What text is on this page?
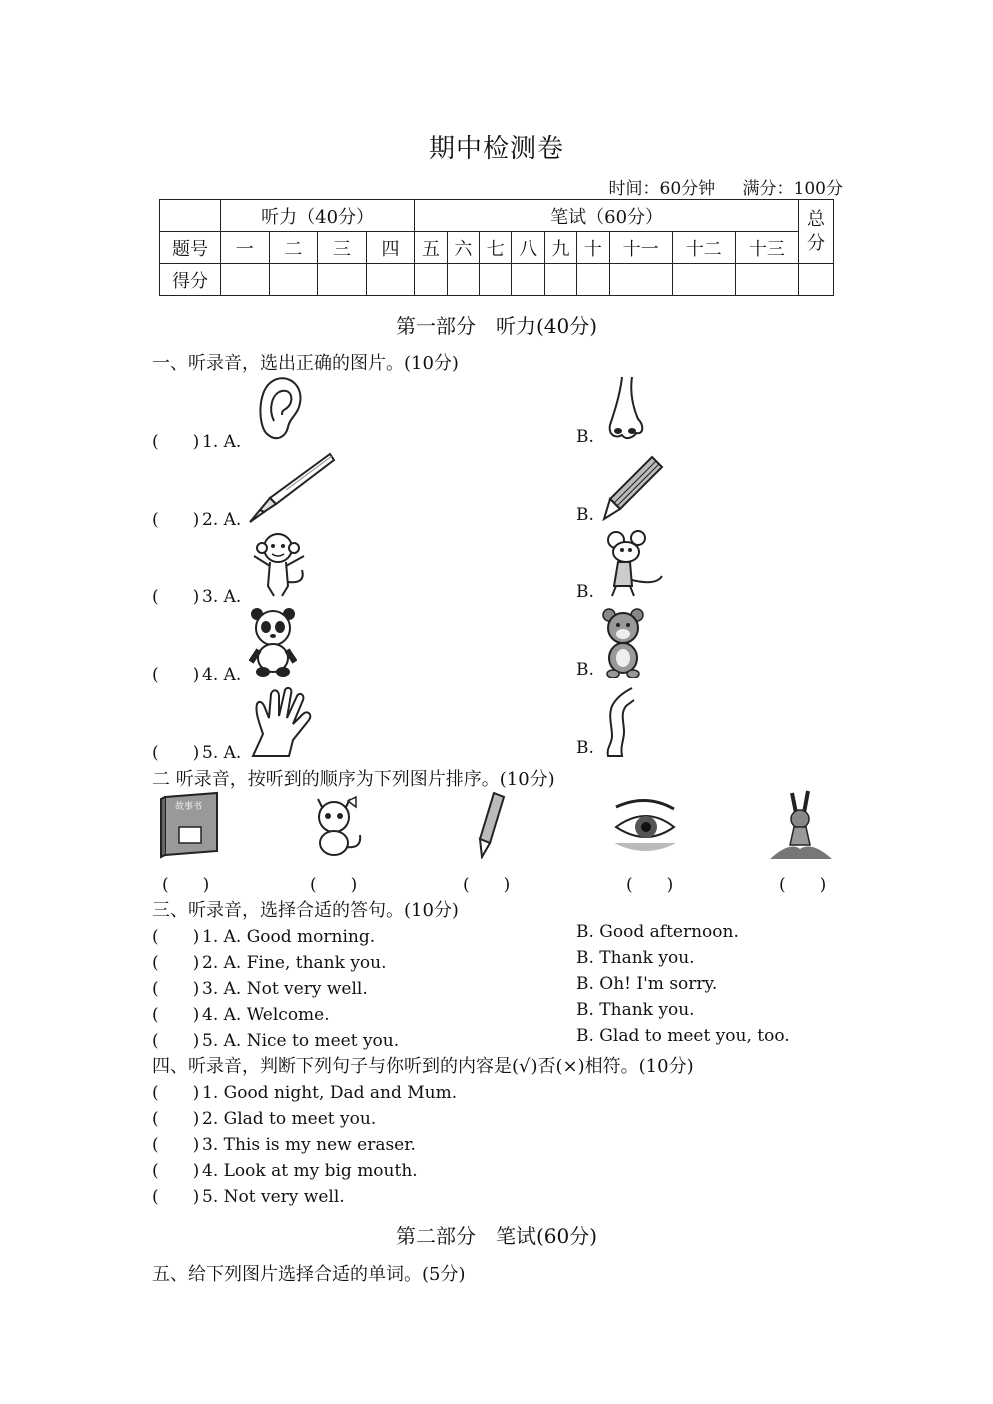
期中检测卷
时间：60分钟 满分：100分
	听力（40分）				笔试（60分）									总
分
题号	一	二	三	四	五	六	七	八	九	十	十一	十二	十三	
得分														
第一部分　听力(40分)
一、听录音，选出正确的图片。(10分)
(　　) 1. A.	B.
(　　) 2. A.	B.
(　　) 3. A.	B.
(　　) 4. A.	B.
(　　) 5. A.	B.
二 听录音，按听到的顺序为下列图片排序。(10分)
故事书
(　　)	(　　)	(　　)	(　　)	(　　)
三、听录音，选择合适的答句。(10分)
(　　) 1. A. Good morning.	B. Good afternoon.
(　　) 2. A. Fine, thank you.	B. Thank you.
(　　) 3. A. Not very well.	B. Oh! I'm sorry.
(　　) 4. A. Welcome.	B. Thank you.
(　　) 5. A. Nice to meet you.	B. Glad to meet you, too.
四、听录音，判断下列句子与你听到的内容是(√)否(×)相符。(10分)
(　　) 1. Good night, Dad and Mum.
(　　) 2. Glad to meet you.
(　　) 3. This is my new eraser.
(　　) 4. Look at my big mouth.
(　　) 5. Not very well.
第二部分　笔试(60分)
五、给下列图片选择合适的单词。(5分)
